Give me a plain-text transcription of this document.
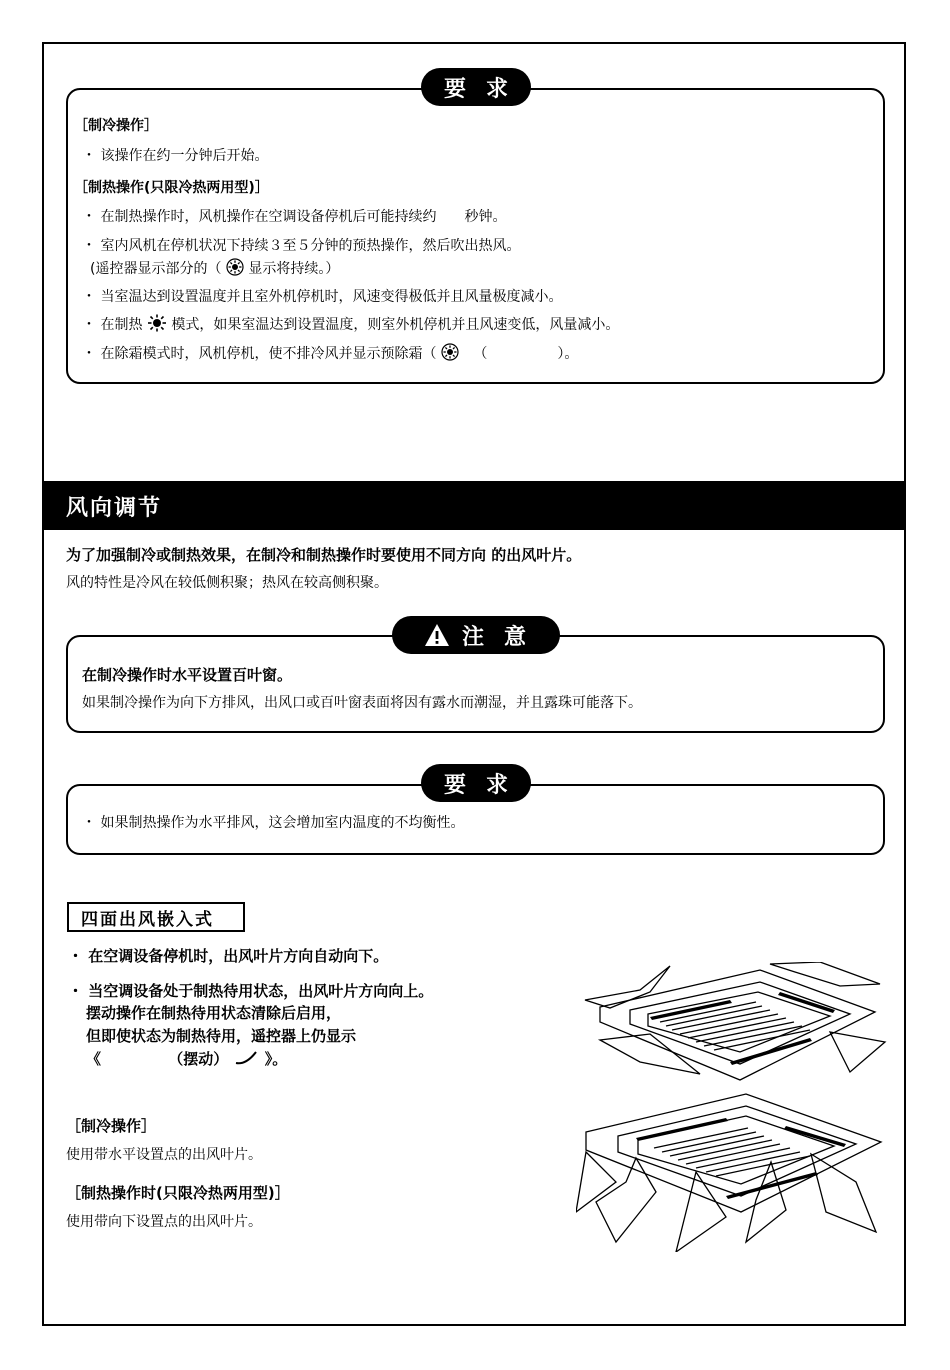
要求
［制冷操作］
・ 该操作在约一分钟后开始。
［制热操作(只限冷热两用型)］
・ 在制热操作时，风机操作在空调设备停机后可能持续约　　秒钟。
・ 室内风机在停机状况下持续３至５分钟的预热操作，然后吹出热风。
(遥控器显示部分的（ 显示将持续。）
・ 当室温达到设置温度并且室外机停机时，风速变得极低并且风量极度减小。
・ 在制热 模式，如果室温达到设置温度，则室外机停机并且风速变低，风量减小。
・ 在除霜模式时，风机停机，使不排冷风并显示预除霜（	（　　　　　）。
风向调节
为了加强制冷或制热效果，在制冷和制热操作时要使用不同方向 的出风叶片。
风的特性是冷风在较低侧积聚；热风在较高侧积聚。
注意
在制冷操作时水平设置百叶窗。
如果制冷操作为向下方排风，出风口或百叶窗表面将因有露水而潮湿，并且露珠可能落下。
要求
・ 如果制热操作为水平排风，这会增加室内温度的不均衡性。
四面出风嵌入式
・ 在空调设备停机时，出风叶片方向自动向下。
・ 当空调设备处于制热待用状态，出风叶片方向向上。
摆动操作在制热待用状态清除后启用，
但即使状态为制热待用，遥控器上仍显示
《	（摆动） 》。
［制冷操作］
使用带水平设置点的出风叶片。
［制热操作时(只限冷热两用型)］
使用带向下设置点的出风叶片。
